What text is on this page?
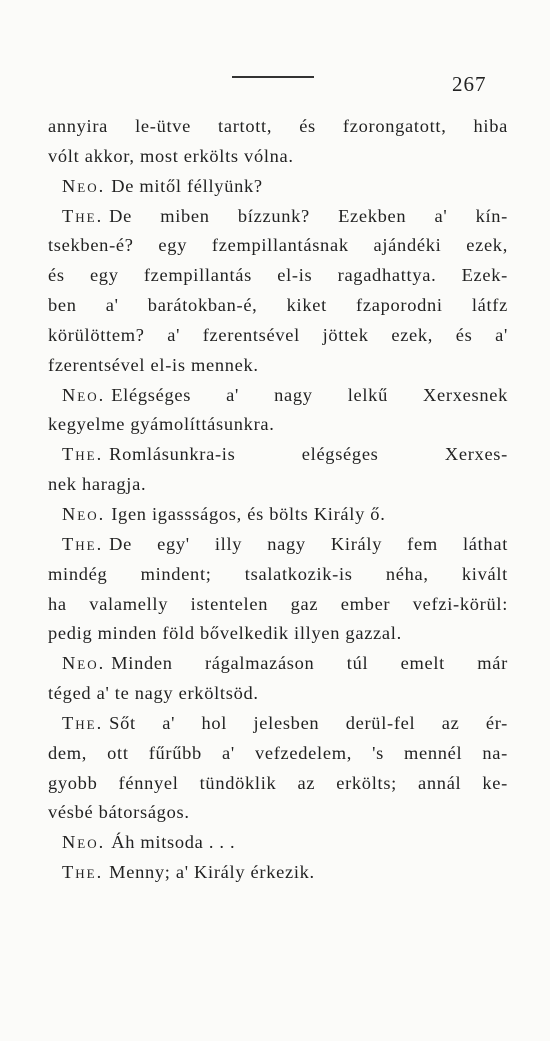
267
annyira le-ütve tartott, és fzorongatott, hiba
vólt akkor, most erkölts vólna.
Neo. De mitől féllyünk?
The. De miben bízzunk? Ezekben a' kín-
tsekben-é? egy fzempillantásnak ajándéki ezek,
és egy fzempillantás el-is ragadhattya. Ezek-
ben a' barátokban-é, kiket fzaporodni látfz
körülöttem? a' fzerentsével jöttek ezek, és a'
fzerentsével el-is mennek.
Neo. Elégséges a' nagy lelkű Xerxesnek
kegyelme gyámolíttásunkra.
The. Romlásunkra-is elégséges Xerxes-
nek haragja.
Neo. Igen igassságos, és bölts Király ő.
The. De egy' illy nagy Király fem láthat
mindég mindent; tsalatkozik-is néha, kivált
ha valamelly istentelen gaz ember vefzi-körül:
pedig minden föld bővelkedik illyen gazzal.
Neo. Minden rágalmazáson túl emelt már
téged a' te nagy erköltsöd.
The. Sőt a' hol jelesben derül-fel az ér-
dem, ott fűrűbb a' vefzedelem, 's mennél na-
gyobb fénnyel tündöklik az erkölts; annál ke-
vésbé bátorságos.
Neo. Áh mitsoda . . .
The. Menny; a' Király érkezik.
